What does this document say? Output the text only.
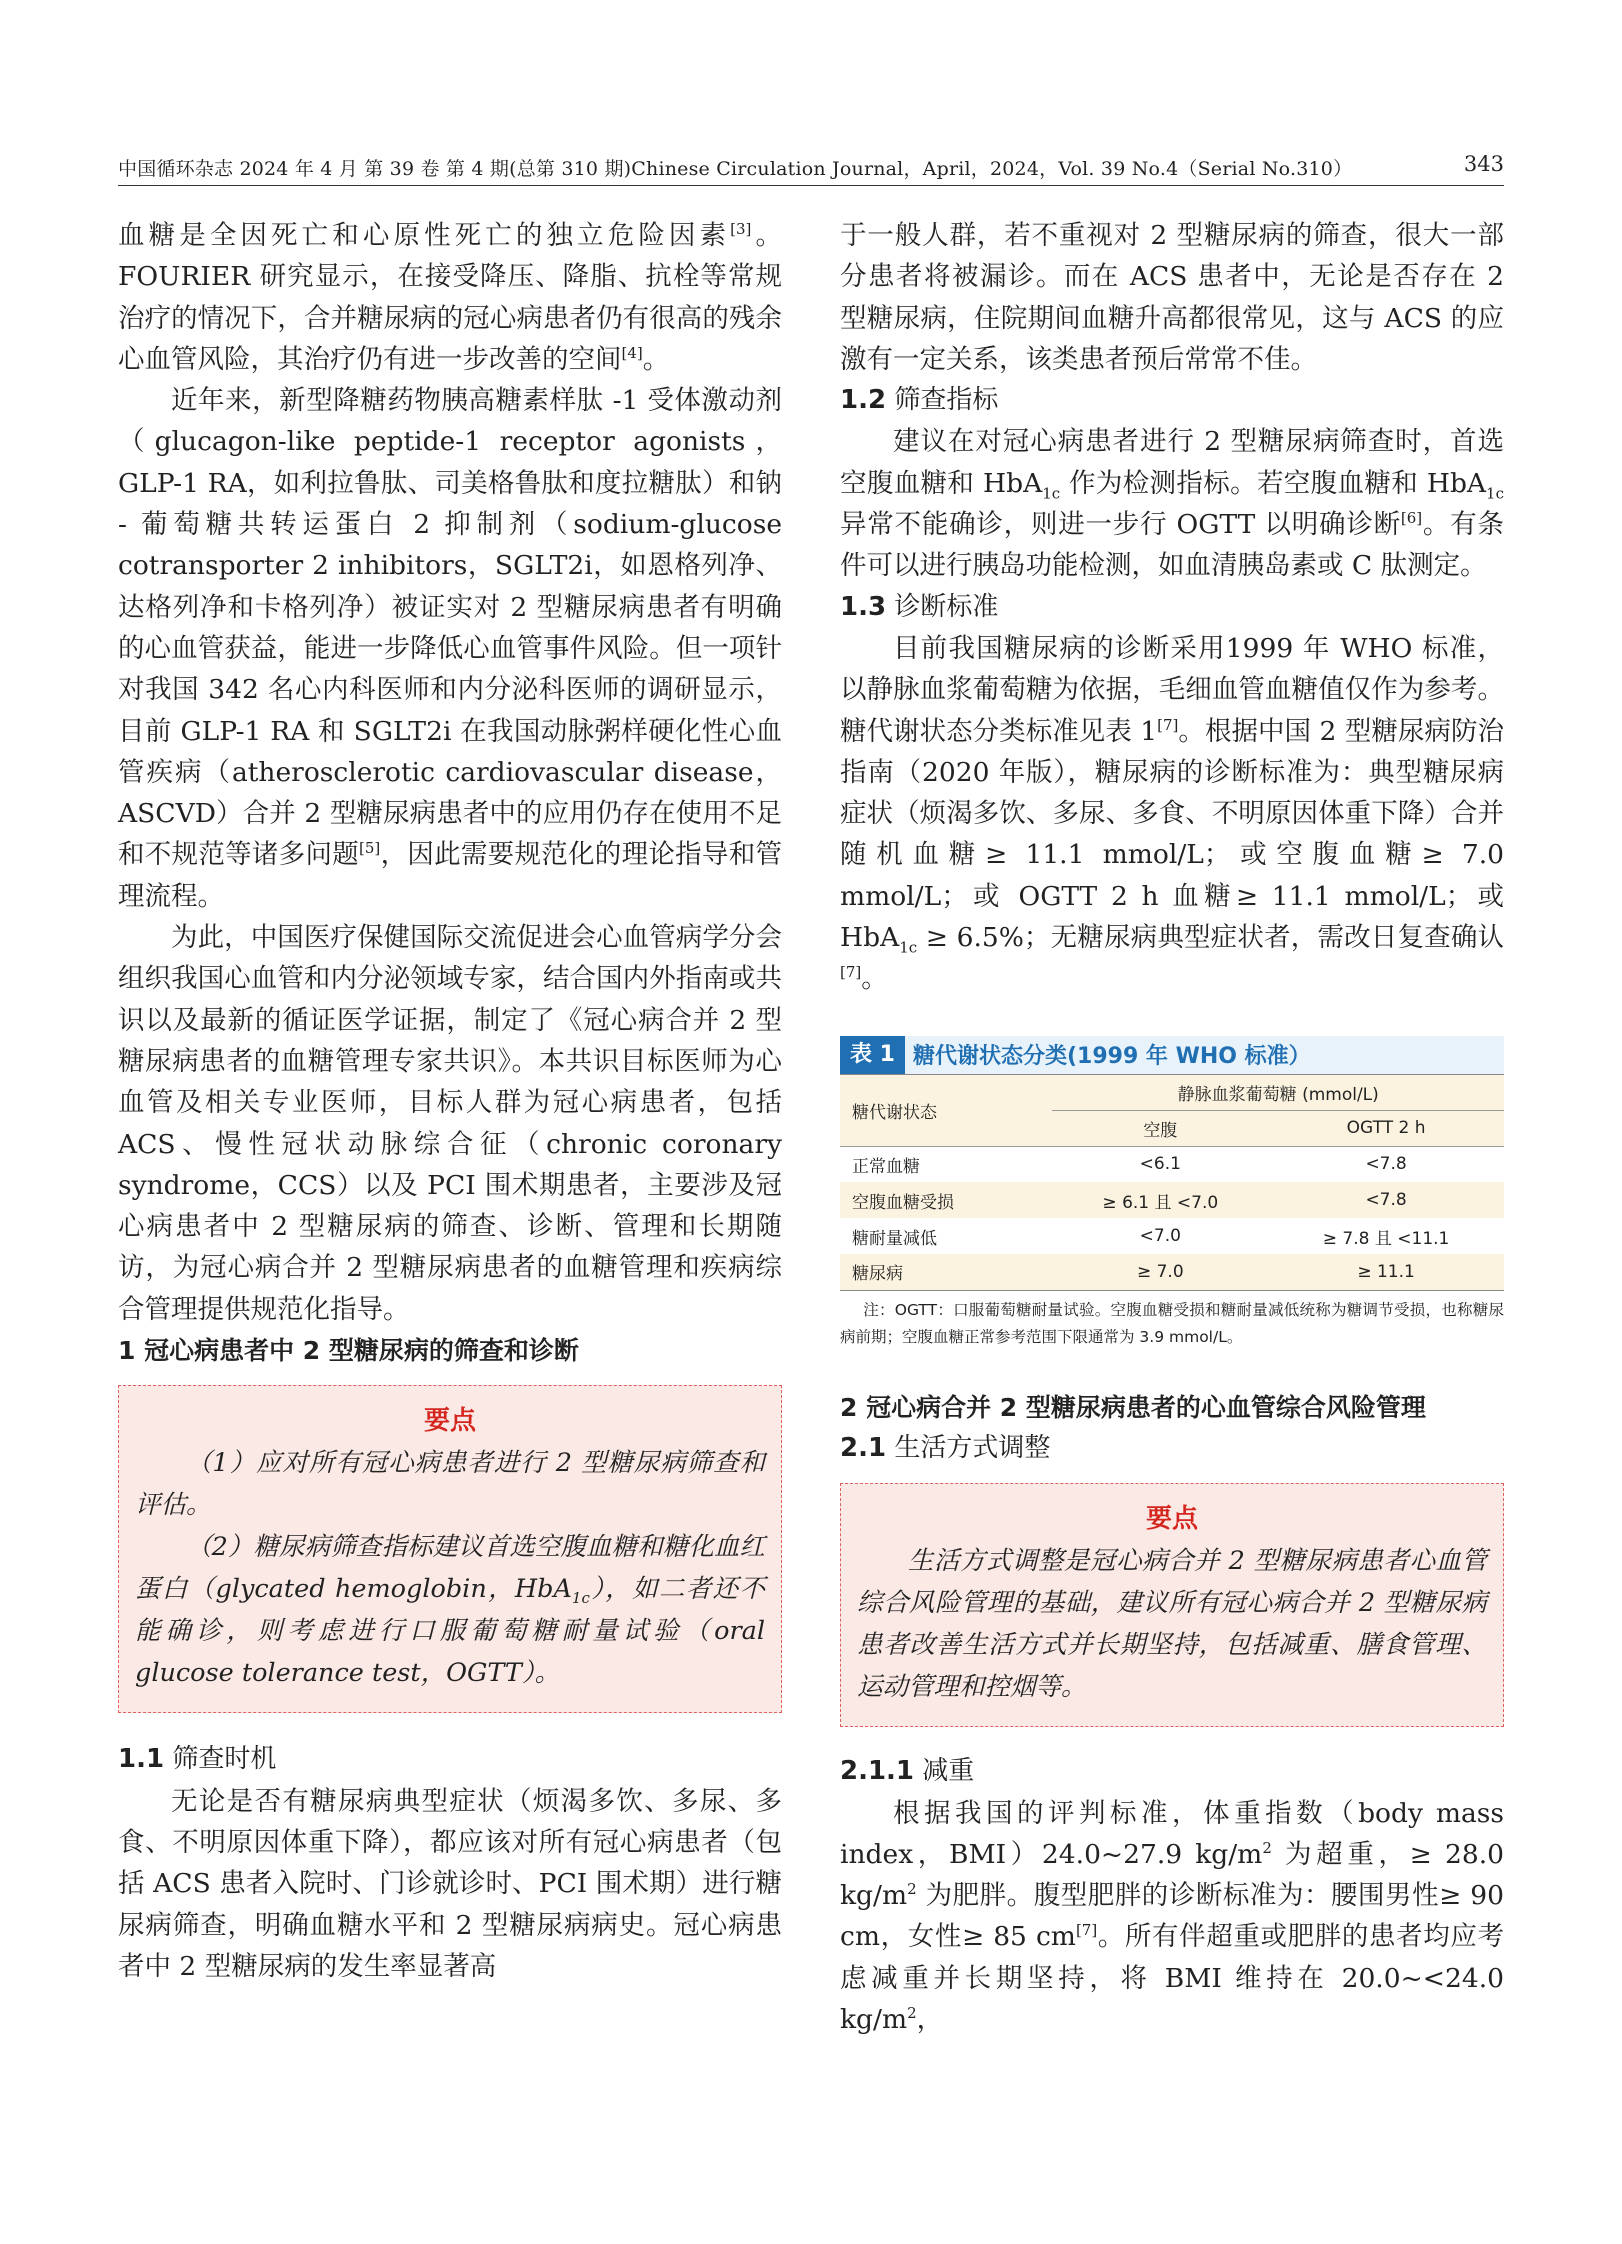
中国循环杂志 2024 年 4 月 第 39 卷 第 4 期(总第 310 期)Chinese Circulation Journal，April，2024，Vol. 39 No.4（Serial No.310）	343

血糖是全因死亡和心原性死亡的独立危险因素[3]。FOURIER 研究显示，在接受降压、降脂、抗栓等常规治疗的情况下，合并糖尿病的冠心病患者仍有很高的残余心血管风险，其治疗仍有进一步改善的空间[4]。

近年来，新型降糖药物胰高糖素样肽 -1 受体激动剂（glucagon-like peptide-1 receptor agonists，GLP-1 RA，如利拉鲁肽、司美格鲁肽和度拉糖肽）和钠 - 葡萄糖共转运蛋白 2 抑制剂（sodium-glucose cotransporter 2 inhibitors，SGLT2i，如恩格列净、达格列净和卡格列净）被证实对 2 型糖尿病患者有明确的心血管获益，能进一步降低心血管事件风险。但一项针对我国 342 名心内科医师和内分泌科医师的调研显示，目前 GLP-1 RA 和 SGLT2i 在我国动脉粥样硬化性心血管疾病（atherosclerotic cardiovascular disease，ASCVD）合并 2 型糖尿病患者中的应用仍存在使用不足和不规范等诸多问题[5]，因此需要规范化的理论指导和管理流程。

为此，中国医疗保健国际交流促进会心血管病学分会组织我国心血管和内分泌领域专家，结合国内外指南或共识以及最新的循证医学证据，制定了《冠心病合并 2 型糖尿病患者的血糖管理专家共识》。本共识目标医师为心血管及相关专业医师，目标人群为冠心病患者，包括 ACS、慢性冠状动脉综合征（chronic coronary syndrome，CCS）以及 PCI 围术期患者，主要涉及冠心病患者中 2 型糖尿病的筛查、诊断、管理和长期随访，为冠心病合并 2 型糖尿病患者的血糖管理和疾病综合管理提供规范化指导。

1 冠心病患者中 2 型糖尿病的筛查和诊断
要点

（1）应对所有冠心病患者进行 2 型糖尿病筛查和评估。

（2）糖尿病筛查指标建议首选空腹血糖和糖化血红蛋白（glycated hemoglobin，HbA$_{1c}$），如二者还不能确诊，则考虑进行口服葡萄糖耐量试验（oral glucose tolerance test，OGTT）。

1.1 筛查时机

无论是否有糖尿病典型症状（烦渴多饮、多尿、多食、不明原因体重下降），都应该对所有冠心病患者（包括 ACS 患者入院时、门诊就诊时、PCI 围术期）进行糖尿病筛查，明确血糖水平和 2 型糖尿病病史。冠心病患者中 2 型糖尿病的发生率显著高

于一般人群，若不重视对 2 型糖尿病的筛查，很大一部分患者将被漏诊。而在 ACS 患者中，无论是否存在 2 型糖尿病，住院期间血糖升高都很常见，这与 ACS 的应激有一定关系，该类患者预后常常不佳。

1.2 筛查指标

建议在对冠心病患者进行 2 型糖尿病筛查时，首选空腹血糖和 HbA$_{1c}$ 作为检测指标。若空腹血糖和 HbA$_{1c}$ 异常不能确诊，则进一步行 OGTT 以明确诊断[6]。有条件可以进行胰岛功能检测，如血清胰岛素或 C 肽测定。

1.3 诊断标准

目前我国糖尿病的诊断采用1999 年 WHO 标准，以静脉血浆葡萄糖为依据，毛细血管血糖值仅作为参考。糖代谢状态分类标准见表 1[7]。根据中国 2 型糖尿病防治指南（2020 年版），糖尿病的诊断标准为：典型糖尿病症状（烦渴多饮、多尿、多食、不明原因体重下降）合并随机血糖≥ 11.1 mmol/L；或空腹血糖≥ 7.0 mmol/L；或 OGTT 2 h 血糖≥ 11.1 mmol/L；或 HbA$_{1c}$ ≥ 6.5%；无糖尿病典型症状者，需改日复查确认[7]。

表 1 糖代谢状态分类(1999 年 WHO 标准）
糖代谢状态	静脉血浆葡萄糖 (mmol/L)	
	空腹	OGTT 2 h
正常血糖	<6.1	<7.8
空腹血糖受损	≥ 6.1 且 <7.0	<7.8
糖耐量减低	<7.0	≥ 7.8 且 <11.1
糖尿病	≥ 7.0	≥ 11.1

注：OGTT：口服葡萄糖耐量试验。空腹血糖受损和糖耐量减低统称为糖调节受损，也称糖尿病前期；空腹血糖正常参考范围下限通常为 3.9 mmol/L。

2 冠心病合并 2 型糖尿病患者的心血管综合风险管理
2.1 生活方式调整
要点

生活方式调整是冠心病合并 2 型糖尿病患者心血管综合风险管理的基础，建议所有冠心病合并 2 型糖尿病患者改善生活方式并长期坚持，包括减重、膳食管理、运动管理和控烟等。

2.1.1 减重

根据我国的评判标准，体重指数（body mass index，BMI）24.0~27.9 $kg/m^2$ 为超重，≥ 28.0 $kg/m^2$ 为肥胖。腹型肥胖的诊断标准为：腰围男性≥ 90 cm，女性≥ 85 cm[7]。所有伴超重或肥胖的患者均应考虑减重并长期坚持，将 BMI 维持在 20.0~<24.0 $kg/m^2$，
